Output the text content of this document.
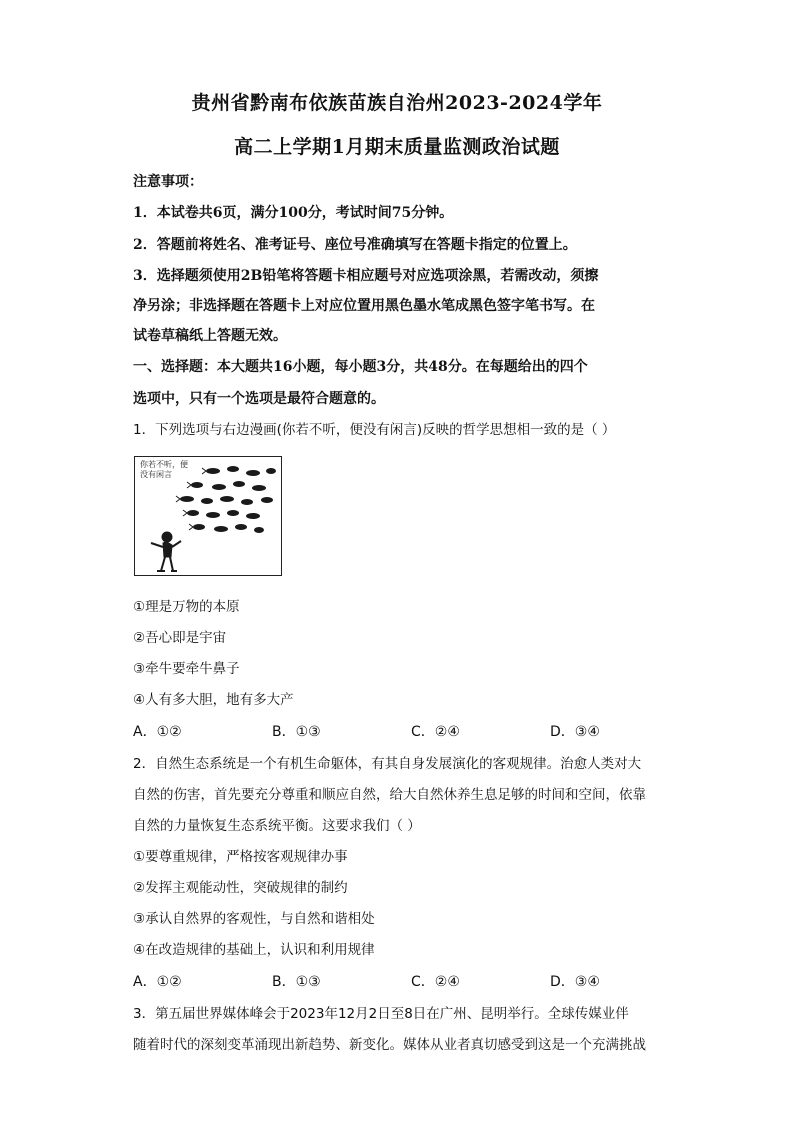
贵州省黔南布依族苗族自治州2023-2024学年
高二上学期1月期末质量监测政治试题
注意事项：
1．本试卷共6页，满分100分，考试时间75分钟。
2．答题前将姓名、准考证号、座位号准确填写在答题卡指定的位置上。
3．选择题须使用2B铅笔将答题卡相应题号对应选项涂黑，若需改动，须擦
净另涂；非选择题在答题卡上对应位置用黑色墨水笔成黑色签字笔书写。在
试卷草稿纸上答题无效。
一、选择题：本大题共16小题，每小题3分，共48分。在每题给出的四个
选项中，只有一个选项是最符合题意的。
1．下列选项与右边漫画(你若不听，便没有闲言)反映的哲学思想相一致的是（ ）
你若不听，便
没有闲言
①理是万物的本原
②吾心即是宇宙
③牵牛要牵牛鼻子
④人有多大胆，地有多大产
A．①②	B．①③	C．②④	D．③④
2．自然生态系统是一个有机生命躯体，有其自身发展演化的客观规律。治愈人类对大
自然的伤害，首先要充分尊重和顺应自然，给大自然休养生息足够的时间和空间，依靠
自然的力量恢复生态系统平衡。这要求我们（ ）
①要尊重规律，严格按客观规律办事
②发挥主观能动性，突破规律的制约
③承认自然界的客观性，与自然和谐相处
④在改造规律的基础上，认识和利用规律
A．①②	B．①③	C．②④	D．③④
3．第五届世界媒体峰会于2023年12月2日至8日在广州、昆明举行。全球传媒业伴
随着时代的深刻变革涌现出新趋势、新变化。媒体从业者真切感受到这是一个充满挑战
